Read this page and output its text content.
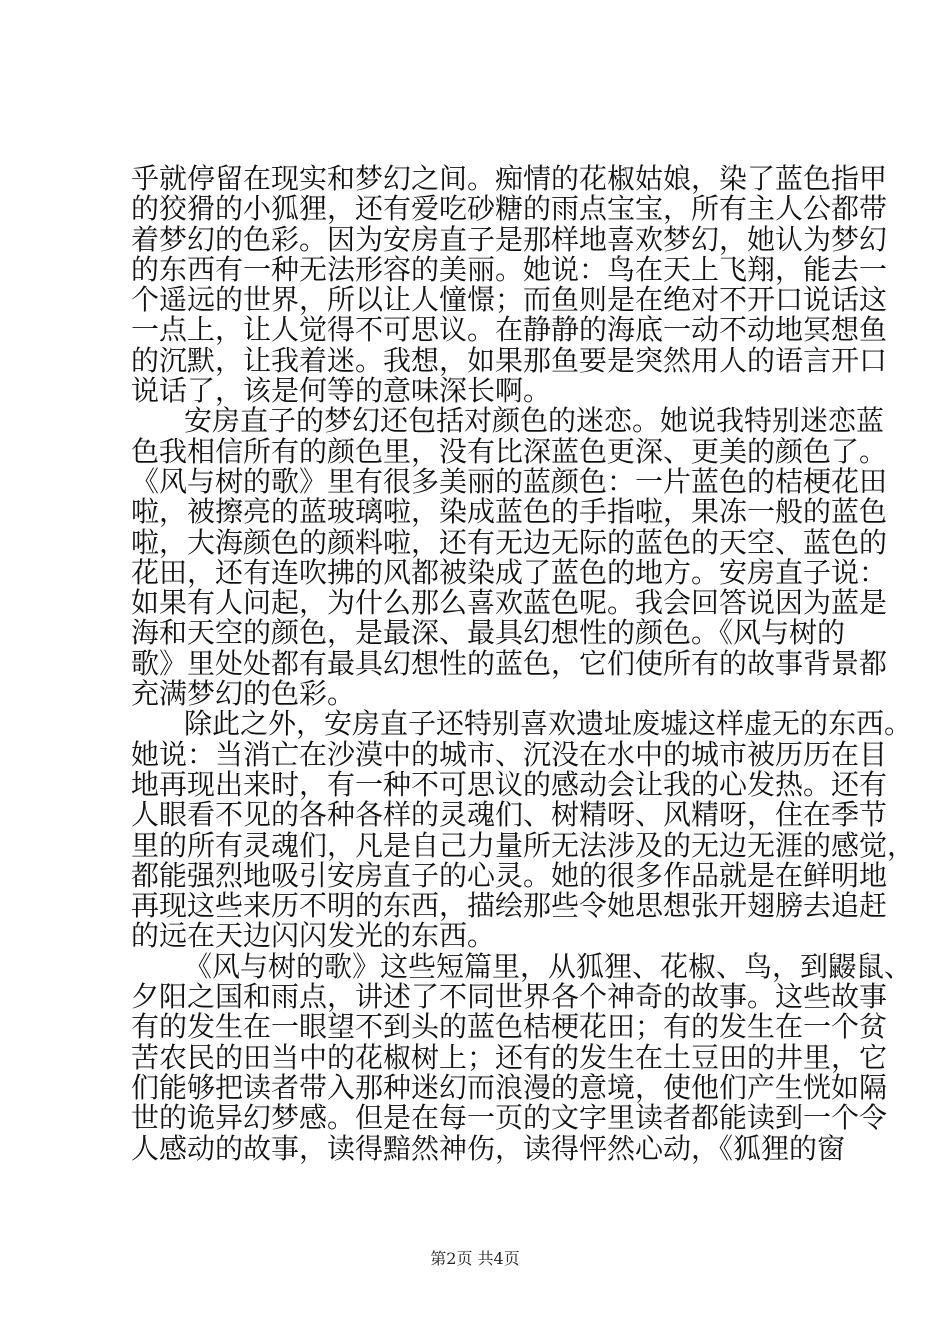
乎就停留在现实和梦幻之间。痴情的花椒姑娘，染了蓝色指甲
的狡猾的小狐狸，还有爱吃砂糖的雨点宝宝，所有主人公都带
着梦幻的色彩。因为安房直子是那样地喜欢梦幻，她认为梦幻
的东西有一种无法形容的美丽。她说：鸟在天上飞翔，能去一
个遥远的世界，所以让人憧憬；而鱼则是在绝对不开口说话这
一点上，让人觉得不可思议。在静静的海底一动不动地冥想鱼
的沉默，让我着迷。我想，如果那鱼要是突然用人的语言开口
说话了，该是何等的意味深长啊。
安房直子的梦幻还包括对颜色的迷恋。她说我特别迷恋蓝
色我相信所有的颜色里，没有比深蓝色更深、更美的颜色了。
《风与树的歌》里有很多美丽的蓝颜色：一片蓝色的桔梗花田
啦，被擦亮的蓝玻璃啦，染成蓝色的手指啦，果冻一般的蓝色
啦，大海颜色的颜料啦，还有无边无际的蓝色的天空、蓝色的
花田，还有连吹拂的风都被染成了蓝色的地方。安房直子说：
如果有人问起，为什么那么喜欢蓝色呢。我会回答说因为蓝是
海和天空的颜色，是最深、最具幻想性的颜色。《风与树的
歌》里处处都有最具幻想性的蓝色，它们使所有的故事背景都
充满梦幻的色彩。
除此之外，安房直子还特别喜欢遗址废墟这样虚无的东西。
她说：当消亡在沙漠中的城市、沉没在水中的城市被历历在目
地再现出来时，有一种不可思议的感动会让我的心发热。还有
人眼看不见的各种各样的灵魂们、树精呀、风精呀，住在季节
里的所有灵魂们，凡是自己力量所无法涉及的无边无涯的感觉，
都能强烈地吸引安房直子的心灵。她的很多作品就是在鲜明地
再现这些来历不明的东西，描绘那些令她思想张开翅膀去追赶
的远在天边闪闪发光的东西。
《风与树的歌》这些短篇里，从狐狸、花椒、鸟，到鼹鼠、
夕阳之国和雨点，讲述了不同世界各个神奇的故事。这些故事
有的发生在一眼望不到头的蓝色桔梗花田；有的发生在一个贫
苦农民的田当中的花椒树上；还有的发生在土豆田的井里，它
们能够把读者带入那种迷幻而浪漫的意境，使他们产生恍如隔
世的诡异幻梦感。但是在每一页的文字里读者都能读到一个令
人感动的故事，读得黯然神伤，读得怦然心动，《狐狸的窗
第2页 共4页
